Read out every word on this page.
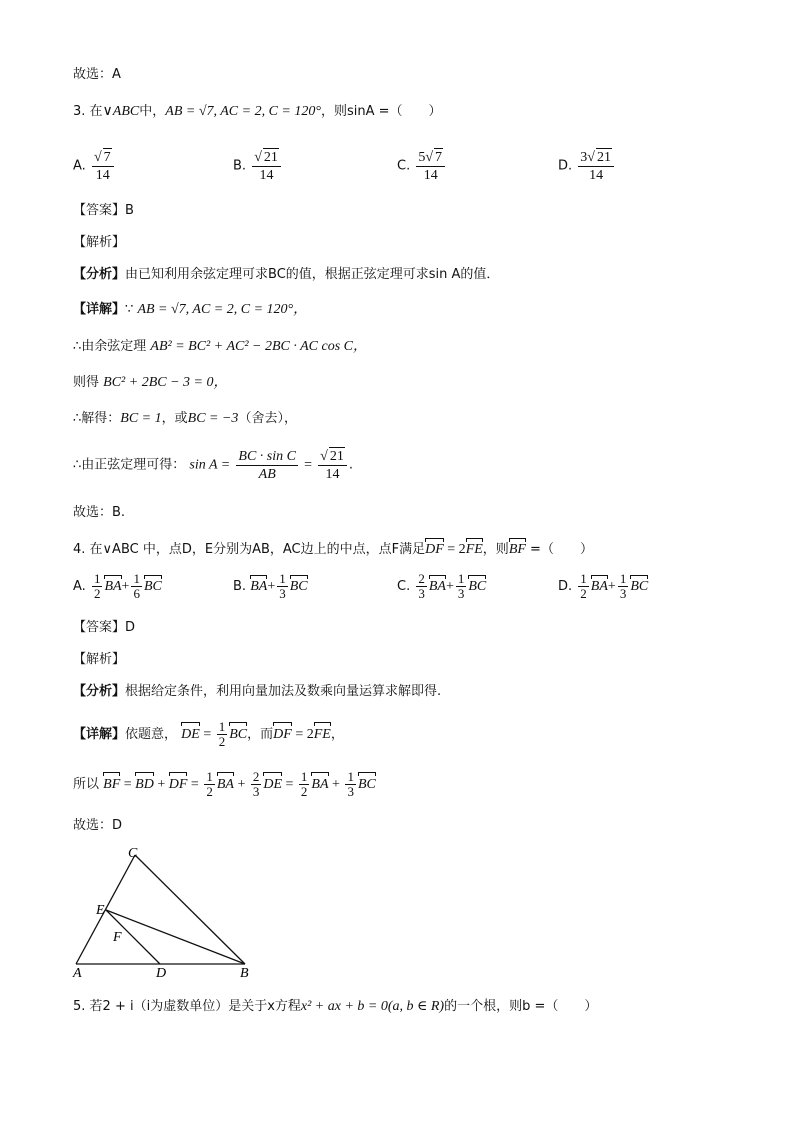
故选：A
3. 在∨ABC中，AB = √7, AC = 2, C = 120°，则sinA =（　　）
A. $\frac{√ 7}{14}$	B. $\frac{√ 21}{14}$	C. $\frac{5√ 7}{14}$	D. $\frac{3√ 21}{14}$
【答案】B
【解析】
【分析】由已知利用余弦定理可求BC的值，根据正弦定理可求sin A的值．
【详解】∵ AB = √7, AC = 2, C = 120°，
∴由余弦定理 AB² = BC² + AC² − 2BC · AC cos C，
则得 BC² + 2BC − 3 = 0，
∴解得：BC = 1，或BC = −3（舍去），
∴由正弦定理可得： $\sin A = \frac{\text{BC · sin C}}{AB} = \frac{√ 21}{14}$ .
故选：B.
4. 在∨ABC 中，点D，E分别为AB，AC边上的中点，点F满足DF = 2FE，则BF =（　　）
A. $\frac{1}{2} BA+ \frac{1}{6}$ BC	B. $BA+ \frac{1}{3}$ BC	C. $\frac{2}{3} BA+ \frac{1}{3}$ BC	D. $\frac{1}{2} BA+ \frac{1}{3}$ BC
【答案】D
【解析】
【分析】根据给定条件，利用向量加法及数乘向量运算求解即得.
【详解】依题意， DE = $\frac{1}{2}$ BC，而DF = 2FE，
所以 BF = BD + DF = $\frac{1}{2}$ BA + $\frac{2}{3}$ DE = $\frac{1}{2}$ BA + $\frac{1}{3}$ BC
故选：D
C
E
F
A	D	B
5. 若2 + i（i为虚数单位）是关于x方程x² + ax + b = 0(a, b ∈ R)的一个根，则b =（　　）
